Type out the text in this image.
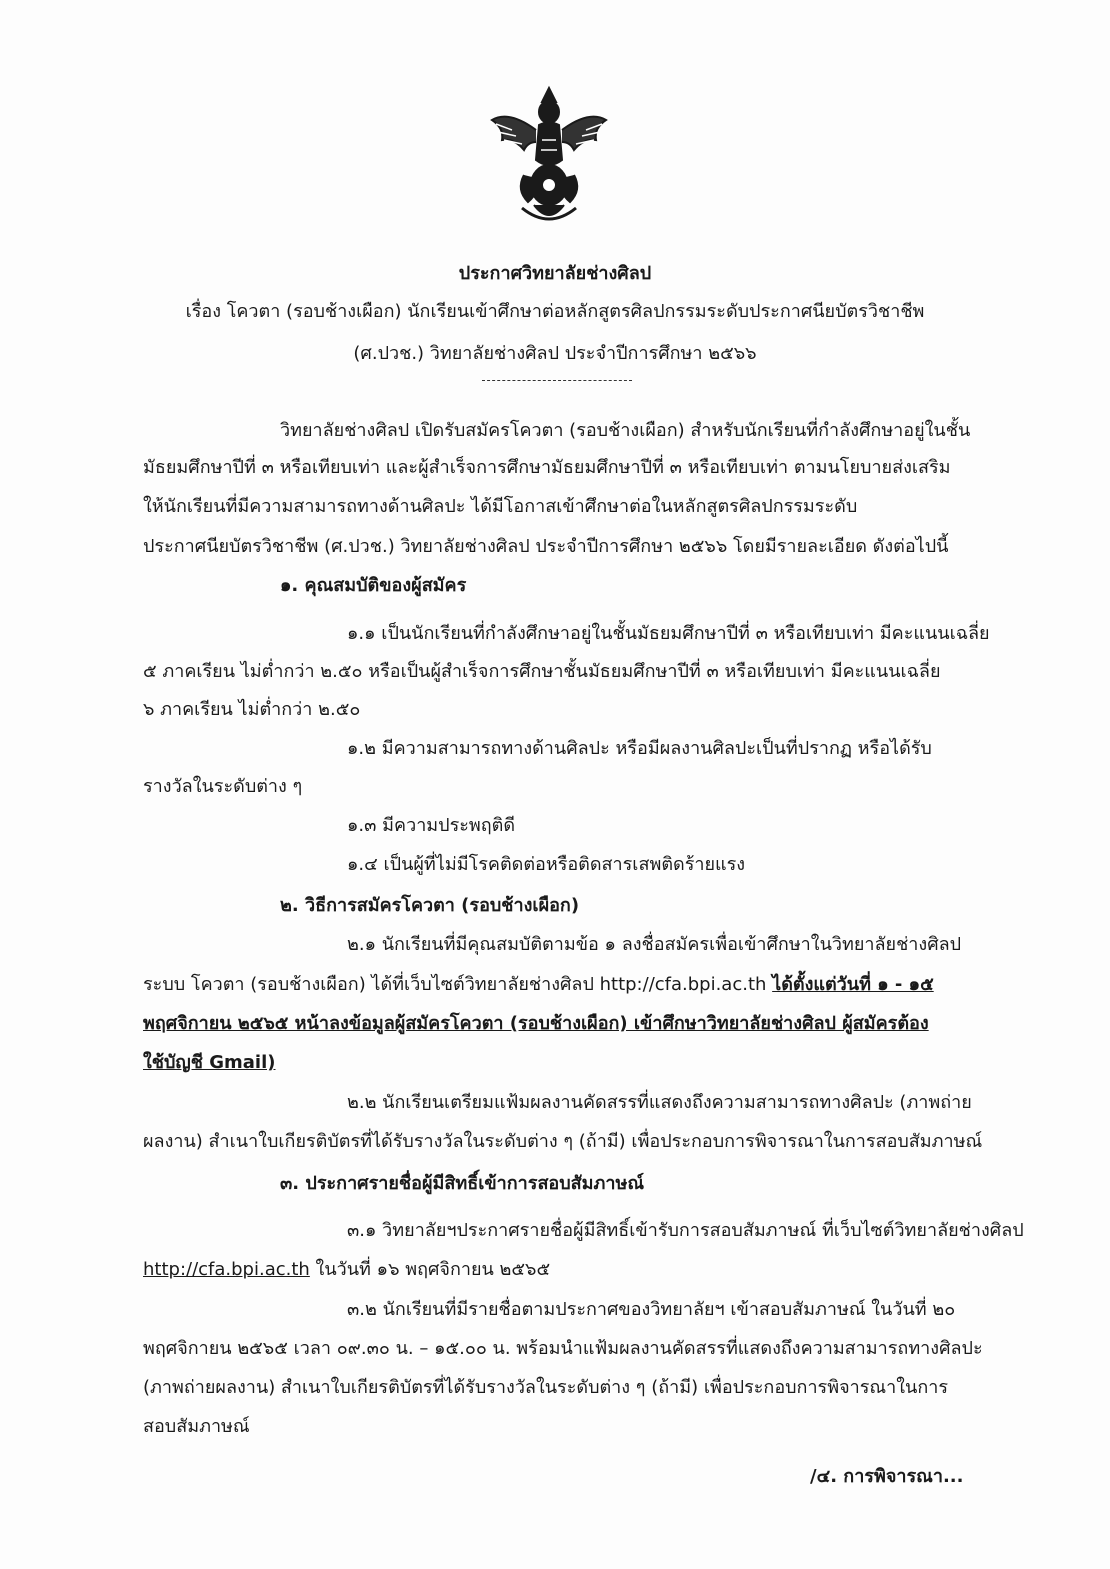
ประกาศวิทยาลัยช่างศิลป
เรื่อง โควตา (รอบช้างเผือก) นักเรียนเข้าศึกษาต่อหลักสูตรศิลปกรรมระดับประกาศนียบัตรวิชาชีพ
(ศ.ปวช.) วิทยาลัยช่างศิลป ประจำปีการศึกษา ๒๕๖๖
วิทยาลัยช่างศิลป เปิดรับสมัครโควตา (รอบช้างเผือก) สำหรับนักเรียนที่กำลังศึกษาอยู่ในชั้น
มัธยมศึกษาปีที่ ๓ หรือเทียบเท่า และผู้สำเร็จการศึกษามัธยมศึกษาปีที่ ๓ หรือเทียบเท่า ตามนโยบายส่งเสริม
ให้นักเรียนที่มีความสามารถทางด้านศิลปะ ได้มีโอกาสเข้าศึกษาต่อในหลักสูตรศิลปกรรมระดับ
ประกาศนียบัตรวิชาชีพ (ศ.ปวช.) วิทยาลัยช่างศิลป ประจำปีการศึกษา ๒๕๖๖ โดยมีรายละเอียด ดังต่อไปนี้
๑. คุณสมบัติของผู้สมัคร
๑.๑ เป็นนักเรียนที่กำลังศึกษาอยู่ในชั้นมัธยมศึกษาปีที่ ๓ หรือเทียบเท่า มีคะแนนเฉลี่ย
๕ ภาคเรียน ไม่ต่ำกว่า ๒.๕๐ หรือเป็นผู้สำเร็จการศึกษาชั้นมัธยมศึกษาปีที่ ๓ หรือเทียบเท่า มีคะแนนเฉลี่ย
๖ ภาคเรียน ไม่ต่ำกว่า ๒.๕๐
๑.๒ มีความสามารถทางด้านศิลปะ หรือมีผลงานศิลปะเป็นที่ปรากฏ หรือได้รับ
รางวัลในระดับต่าง ๆ
๑.๓ มีความประพฤติดี
๑.๔ เป็นผู้ที่ไม่มีโรคติดต่อหรือติดสารเสพติดร้ายแรง
๒. วิธีการสมัครโควตา (รอบช้างเผือก)
๒.๑ นักเรียนที่มีคุณสมบัติตามข้อ ๑ ลงชื่อสมัครเพื่อเข้าศึกษาในวิทยาลัยช่างศิลป
ระบบ โควตา (รอบช้างเผือก) ได้ที่เว็บไซต์วิทยาลัยช่างศิลป http://cfa.bpi.ac.th ได้ตั้งแต่วันที่ ๑ - ๑๕
พฤศจิกายน ๒๕๖๕ หน้าลงข้อมูลผู้สมัครโควตา (รอบช้างเผือก) เข้าศึกษาวิทยาลัยช่างศิลป ผู้สมัครต้อง
ใช้บัญชี Gmail)
๒.๒ นักเรียนเตรียมแฟ้มผลงานคัดสรรที่แสดงถึงความสามารถทางศิลปะ (ภาพถ่าย
ผลงาน) สำเนาใบเกียรติบัตรที่ได้รับรางวัลในระดับต่าง ๆ (ถ้ามี) เพื่อประกอบการพิจารณาในการสอบสัมภาษณ์
๓. ประกาศรายชื่อผู้มีสิทธิ์เข้าการสอบสัมภาษณ์
๓.๑ วิทยาลัยฯประกาศรายชื่อผู้มีสิทธิ์เข้ารับการสอบสัมภาษณ์ ที่เว็บไซต์วิทยาลัยช่างศิลป
http://cfa.bpi.ac.th ในวันที่ ๑๖ พฤศจิกายน ๒๕๖๕
๓.๒ นักเรียนที่มีรายชื่อตามประกาศของวิทยาลัยฯ เข้าสอบสัมภาษณ์ ในวันที่ ๒๐
พฤศจิกายน ๒๕๖๕ เวลา ๐๙.๓๐ น. – ๑๕.๐๐ น. พร้อมนำแฟ้มผลงานคัดสรรที่แสดงถึงความสามารถทางศิลปะ
(ภาพถ่ายผลงาน) สำเนาใบเกียรติบัตรที่ได้รับรางวัลในระดับต่าง ๆ (ถ้ามี) เพื่อประกอบการพิจารณาในการ
สอบสัมภาษณ์
/๔. การพิจารณา...
